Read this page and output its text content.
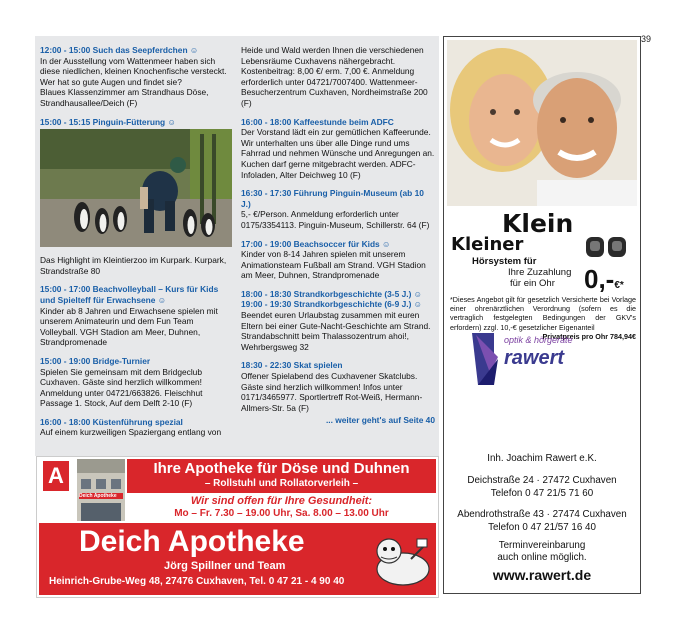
39
12:00 - 15:00 Such das Seepferdchen ☺

In der Ausstellung vom Wattenmeer haben sich diese niedlichen, kleinen Knochenfische versteckt. Wer hat so gute Augen und findet sie?

Blaues Klassenzimmer am Strandhaus Döse, Strandhausallee/Deich (F)

15:00 - 15:15 Pinguin-Fütterung ☺

Das Highlight im Kleintierzoo im Kurpark. Kurpark, Strandstraße 80

15:00 - 17:00 Beachvolleyball – Kurs für Kids und Spielteff für Erwachsene ☺

Kinder ab 8 Jahren und Erwachsene spielen mit unserem Animateurin und dem Fun Team Volleyball. VGH Stadion am Meer, Duhnen, Strandpromenade

15:00 - 19:00 Bridge-Turnier

Spielen Sie gemeinsam mit dem Bridgeclub Cuxhaven. Gäste sind herzlich willkommen! Anmeldung unter 04721/663826. Fleischhut Passage 1. Stock, Auf dem Delft 2-10 (F)

16:00 - 18:00 Küstenführung speziaI

Auf einem kurzweiligen Spaziergang entlang von

Heide und Wald werden Ihnen die verschiedenen Lebensräume Cuxhavens nähergebracht. Kostenbeitrag: 8,00 €/ erm. 7,00 €. Anmeldung erforderlich unter 04721/7007400. Wattenmeer-Besucherzentrum Cuxhaven, Nordheimstraße 200 (F)

16:00 - 18:00 Kaffeestunde beim ADFC

Der Vorstand lädt ein zur gemütlichen Kaffeerunde. Wir unterhalten uns über alle Dinge rund ums Fahrrad und nehmen Wünsche und Anregungen an. Kuchen darf gerne mitgebracht werden. ADFC-Infoladen, Alter Deichweg 10 (F)

16:30 - 17:30 Führung Pinguin-Museum (ab 10 J.)

5,- €/Person. Anmeldung erforderlich unter 0175/3354113. Pinguin-Museum, Schillerstr. 64 (F)

17:00 - 19:00 Beachsoccer für Kids ☺

Kinder von 8-14 Jahren spielen mit unserem Animationsteam Fußball am Strand. VGH Stadion am Meer, Duhnen, Strandpromenade

18:00 - 18:30 Strandkorbgeschichte (3-5 J.) ☺
19:00 - 19:30 Strandkorbgeschichte (6-9 J.) ☺

Beendet euren Urlaubstag zusammen mit euren Eltern bei einer Gute-Nacht-Geschichte am Strand. Strandabschnitt beim Thalassozentrum ahoi!, Wehrbergsweg 32

18:30 - 22:30 Skat spielen

Offener Spielabend des Cuxhavener Skatclubs. Gäste sind herzlich willkommen! Infos unter 0171/3465977. Sportlertreff Rot-Weiß, Hermann-Allmers-Str. 5a (F)

... weiter geht's auf Seite 40
A
Deich Apotheke
Ihre Apotheke für Döse und Duhnen
– Rollstuhl und Rollatorverleih –
Wir sind offen für Ihre Gesundheit:
Mo – Fr. 7.30 – 19.00 Uhr, Sa. 8.00 – 13.00 Uhr
Deich Apotheke
Jörg Spillner und Team
Heinrich-Grube-Weg 48, 27476 Cuxhaven, Tel. 0 47 21 - 4 90 40
Klein
Kleiner
Hörsystem für
Ihre Zuzahlung
für ein Ohr 0,-€*
*Dieses Angebot gilt für gesetzlich Versicherte bei Vorlage einer ohrenärztlichen Verordnung (sofern es die vertraglich festgelegten Bedingungen der GKV's erfordern) zzgl. 10,-€ gesetzlicher Eigenanteil
Privatpreis pro Ohr 784,94€
optik & hörgeräte
rawert
Inh. Joachim Rawert e.K.
Deichstraße 24 · 27472 Cuxhaven
Telefon 0 47 21/5 71 60
Abendrothstraße 43 · 27474 Cuxhaven
Telefon 0 47 21/57 16 40
Terminvereinbarung
auch online möglich.
www.rawert.de
